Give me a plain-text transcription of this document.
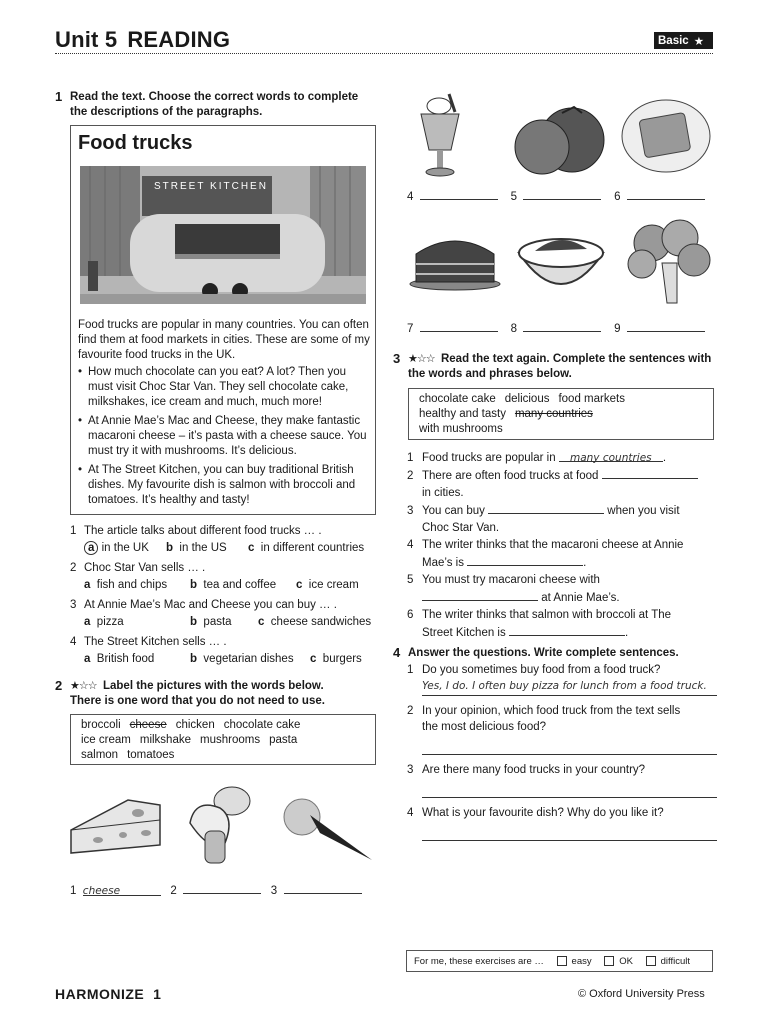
Unit 5 READING	Basic ★
1 Read the text. Choose the correct words to complete the descriptions of the paragraphs.
Food trucks
STREET KITCHEN
Food trucks are popular in many countries. You can often find them at food markets in cities. These are some of my favourite food trucks in the UK.
• How much chocolate can you eat? A lot? Then you must visit Choc Star Van. They sell chocolate cake, milkshakes, ice cream and much, much more!
• At Annie Mae’s Mac and Cheese, they make fantastic macaroni cheese – it’s pasta with a cheese sauce. You must try it with mushrooms. It’s delicious.
• At The Street Kitchen, you can buy traditional British dishes. My favourite dish is salmon with broccoli and tomatoes. It’s healthy and tasty!
1 The article talks about different food trucks … .
a in the UK	b in the US	c in different countries
2 Choc Star Van sells … .
a fish and chips	b tea and coffee	c ice cream
3 At Annie Mae’s Mac and Cheese you can buy … .
a pizza	b pasta	c cheese sandwiches
4 The Street Kitchen sells … .
a British food	b vegetarian dishes	c burgers
2 ★☆☆ Label the pictures with the words below.
There is one word that you do not need to use.
broccoli cheese chicken chocolate cake
ice cream milkshake mushrooms pasta
salmon tomatoes
1 cheese	2	3
4	5	6
7	8	9
3 ★☆☆ Read the text again. Complete the sentences with the words and phrases below.
chocolate cake delicious food markets
healthy and tasty many countries
with mushrooms
1 Food trucks are popular in many countries .
2 There are often food trucks at food
in cities.
3 You can buy	when you visit
Choc Star Van.
4 The writer thinks that the macaroni cheese at Annie
Mae’s is	.
5 You must try macaroni cheese with
at Annie Mae’s.
6 The writer thinks that salmon with broccoli at The
Street Kitchen is	.
4 Answer the questions. Write complete sentences.
1 Do you sometimes buy food from a food truck?
Yes, I do. I often buy pizza for lunch from a food truck.
2 In your opinion, which food truck from the text sells
the most delicious food?
3 Are there many food trucks in your country?
4 What is your favourite dish? Why do you like it?
For me, these exercises are …
	easy
	OK
	difficult
HARMONIZE 1	© Oxford University Press
